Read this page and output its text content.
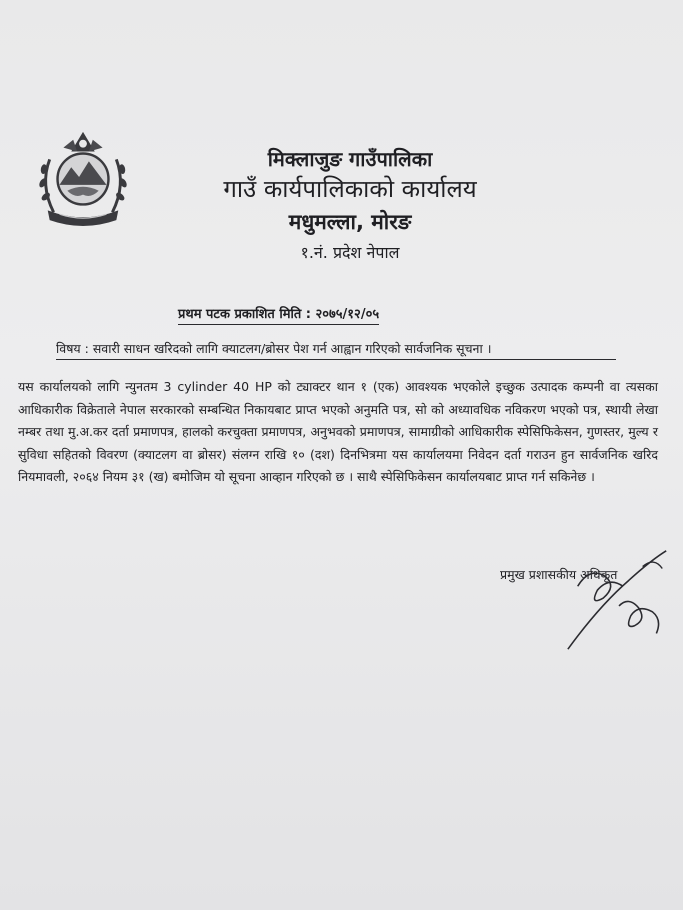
मिक्लाजुङ गाउँपालिका
गाउँ कार्यपालिकाको कार्यालय
मधुमल्ला, मोरङ
१.नं. प्रदेश नेपाल
प्रथम पटक प्रकाशित मिति : २०७५/१२/०५
विषय : सवारी साधन खरिदको लागि क्याटलग/ब्रोसर पेश गर्न आह्वान गरिएको सार्वजनिक सूचना ।
यस कार्यालयको लागि न्युनतम 3 cylinder 40 HP को ट्याक्टर थान १ (एक) आवश्यक भएकोले इच्छुक उत्पादक कम्पनी वा त्यसका आधिकारीक विक्रेताले नेपाल सरकारको सम्बन्धित निकायबाट प्राप्त भएको अनुमति पत्र, सो को अध्यावधिक नविकरण भएको पत्र, स्थायी लेखा नम्बर तथा मु.अ.कर दर्ता प्रमाणपत्र, हालको करचुक्ता प्रमाणपत्र, अनुभवको प्रमाणपत्र, सामाग्रीको आधिकारीक स्पेसिफिकेसन, गुणस्तर, मुल्य र सुविधा सहितको विवरण (क्याटलग वा ब्रोसर) संलग्न राखि १० (दश) दिनभित्रमा यस कार्यालयमा निवेदन दर्ता गराउन हुन सार्वजनिक खरिद नियमावली, २०६४ नियम ३१ (ख) बमोजिम यो सूचना आव्हान गरिएको छ । साथै स्पेसिफिकेसन कार्यालयबाट प्राप्त गर्न सकिनेछ ।
प्रमुख प्रशासकीय अधिकृत
